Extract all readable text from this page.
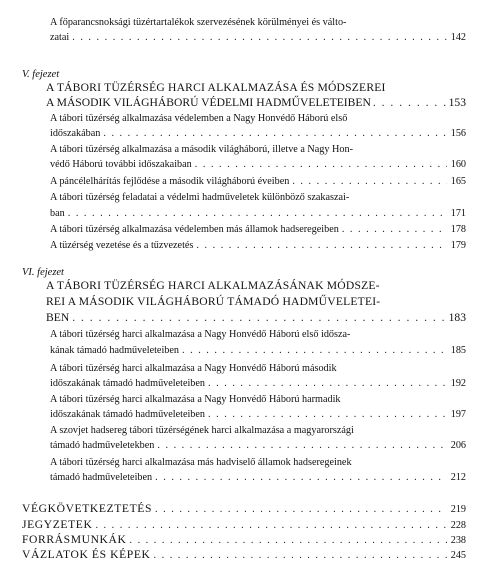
A főparancsnoksági tüzértartalékok szervezésének körülményei és válto-
zatai . . .	142
V. fejezet
A TÁBORI TÜZÉRSÉG HARCI ALKALMAZÁSA ÉS MÓDSZEREI
A MÁSODIK VILÁGHÁBORÚ VÉDELMI HADMŰVELETEIBEN . . .	153
A tábori tüzérség alkalmazása védelemben a Nagy Honvédő Háború első
időszakában . . .	156
A tábori tüzérség alkalmazása a második világháború, illetve a Nagy Hon-
védő Háború további időszakaiban . . .	160
A páncélelhárítás fejlődése a második világháború éveiben . . .	165
A tábori tüzérség feladatai a védelmi hadműveletek különböző szakaszai-
ban . . .	171
A tábori tüzérség alkalmazása védelemben más államok hadseregeiben . . .	178
A tüzérség vezetése és a tűzvezetés . . .	179
VI. fejezet
A TÁBORI TÜZÉRSÉG HARCI ALKALMAZÁSÁNAK MÓDSZE-
REI A MÁSODIK VILÁGHÁBORÚ TÁMADÓ HADMŰVELETEI-
BEN . . .	183
A tábori tüzérség harci alkalmazása a Nagy Honvédő Háború első idősza-
kának támadó hadműveleteiben . . .	185
A tábori tüzérség harci alkalmazása a Nagy Honvédő Háború második
időszakának támadó hadműveleteiben . . .	192
A tábori tüzérség harci alkalmazása a Nagy Honvédő Háború harmadik
időszakának támadó hadműveleteiben . . .	197
A szovjet hadsereg tábori tüzérségének harci alkalmazása a magyarországi
támadó hadműveletekben . . .	206
A tábori tüzérség harci alkalmazása más hadviselő államok hadseregeinek
támadó hadműveleteiben . . .	212
VÉGKÖVETKEZTETÉS . . .	219
JEGYZETEK . . .	228
FORRÁSMUNKÁK . . .	238
VÁZLATOK ÉS KÉPEK . . .	245
